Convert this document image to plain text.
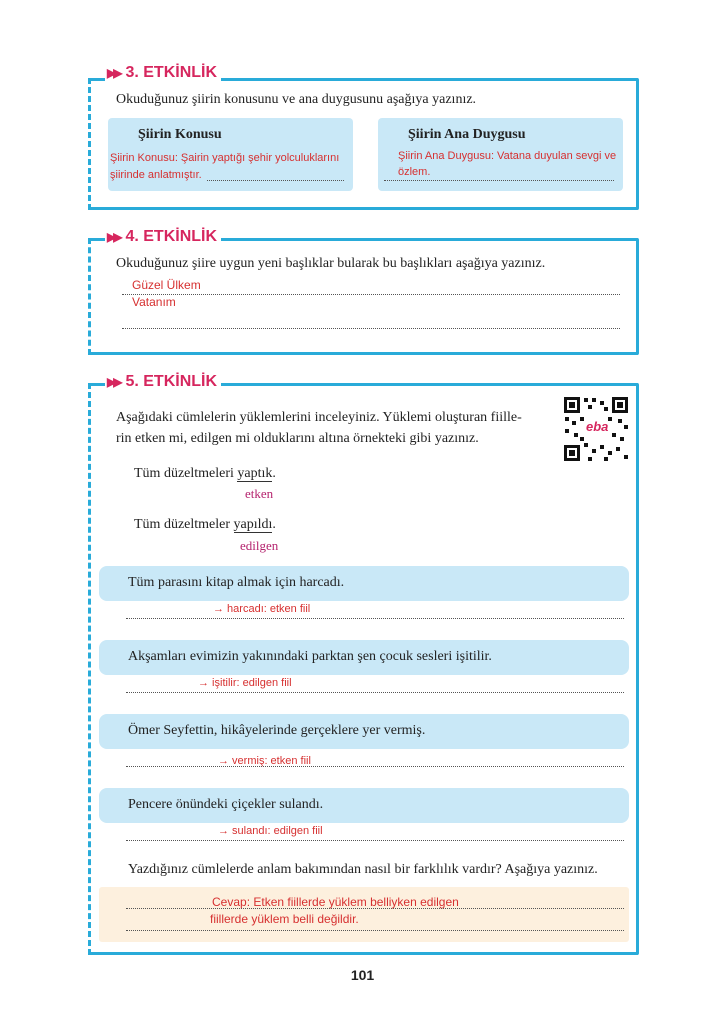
▶▶ 3. ETKİNLİK
Okuduğunuz şiirin konusunu ve ana duygusunu aşağıya yazınız.
Şiirin Konusu
Şiirin Konusu: Şairin yaptığı şehir yolculuklarını
şiirinde anlatmıştır.
Şiirin Ana Duygusu
Şiirin Ana Duygusu: Vatana duyulan sevgi ve
özlem.
▶▶ 4. ETKİNLİK
Okuduğunuz şiire uygun yeni başlıklar bularak bu başlıkları aşağıya yazınız.
Güzel Ülkem
Vatanım
▶▶ 5. ETKİNLİK
Aşağıdaki cümlelerin yüklemlerini inceleyiniz. Yüklemi oluşturan fiille-
rin etken mi, edilgen mi olduklarını altına örnekteki gibi yazınız.
eba
Tüm düzeltmeleri yaptık.
etken
Tüm düzeltmeler yapıldı.
edilgen
Tüm parasını kitap almak için harcadı.
→ harcadı: etken fiil
Akşamları evimizin yakınındaki parktan şen çocuk sesleri işitilir.
→ işitilir: edilgen fiil
Ömer Seyfettin, hikâyelerinde gerçeklere yer vermiş.
→ vermiş: etken fiil
Pencere önündeki çiçekler sulandı.
→ sulandı: edilgen fiil
Yazdığınız cümlelerde anlam bakımından nasıl bir farklılık vardır? Aşağıya yazınız.
Cevap: Etken fiillerde yüklem belliyken edilgen
fiillerde yüklem belli değildir.
101
